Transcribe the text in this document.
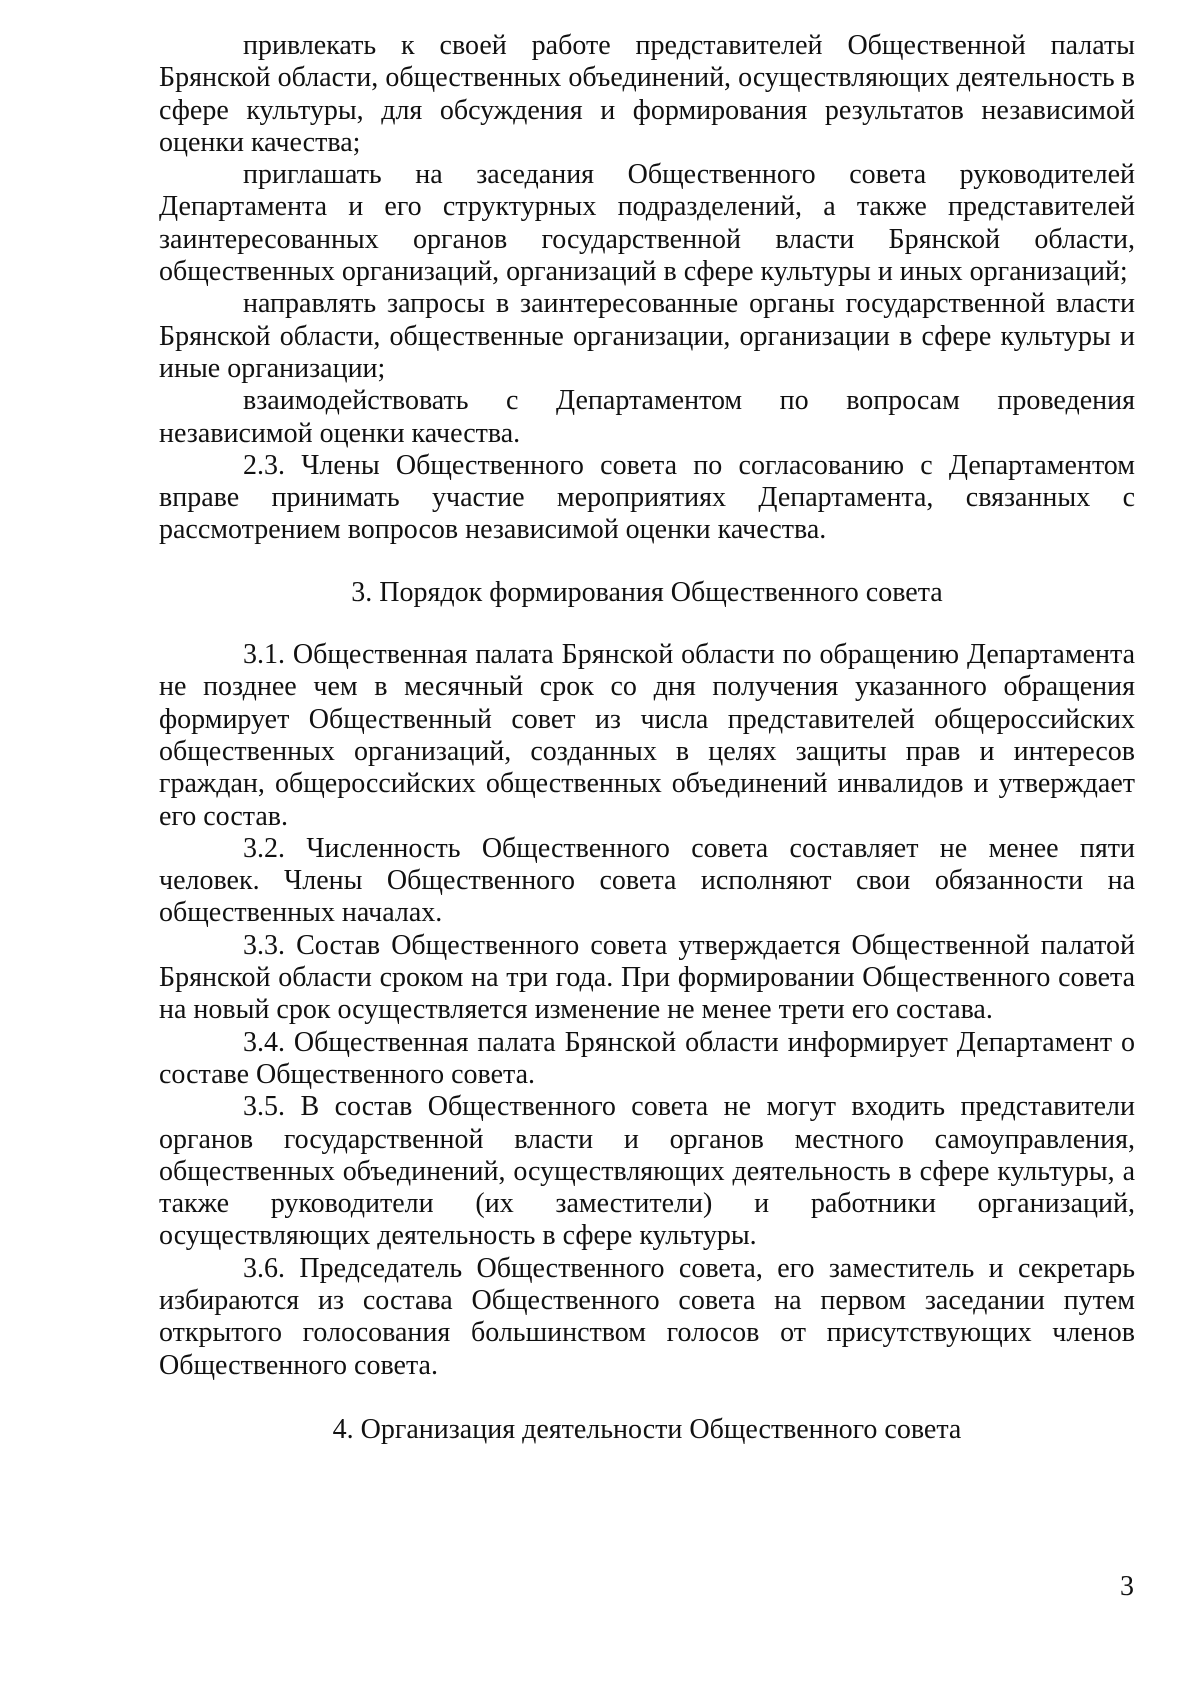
привлекать к своей работе представителей Общественной палаты Брянской области, общественных объединений, осуществляющих деятельность в сфере культуры, для обсуждения и формирования результатов независимой оценки качества;

приглашать на заседания Общественного совета руководителей Департамента и его структурных подразделений, а также представителей заинтересованных органов государственной власти Брянской области, общественных организаций, организаций в сфере культуры и иных организаций;

направлять запросы в заинтересованные органы государственной власти Брянской области, общественные организации, организации в сфере культуры и иные организации;

взаимодействовать с Департаментом по вопросам проведения независимой оценки качества.

2.3. Члены Общественного совета по согласованию с Департаментом вправе принимать участие мероприятиях Департамента, связанных с рассмотрением вопросов независимой оценки качества.

3. Порядок формирования Общественного совета

3.1. Общественная палата Брянской области по обращению Департамента не позднее чем в месячный срок со дня получения указанного обращения формирует Общественный совет из числа представителей общероссийских общественных организаций, созданных в целях защиты прав и интересов граждан, общероссийских общественных объединений инвалидов и утверждает его состав.

3.2. Численность Общественного совета составляет не менее пяти человек. Члены Общественного совета исполняют свои обязанности на общественных началах.

3.3. Состав Общественного совета утверждается Общественной палатой Брянской области сроком на три года. При формировании Общественного совета на новый срок осуществляется изменение не менее трети его состава.

3.4. Общественная палата Брянской области информирует Департамент о составе Общественного совета.

3.5. В состав Общественного совета не могут входить представители органов государственной власти и органов местного самоуправления, общественных объединений, осуществляющих деятельность в сфере культуры, а также руководители (их заместители) и работники организаций, осуществляющих деятельность в сфере культуры.

3.6. Председатель Общественного совета, его заместитель и секретарь избираются из состава Общественного совета на первом заседании путем открытого голосования большинством голосов от присутствующих членов Общественного совета.

4. Организация деятельности Общественного совета

3
